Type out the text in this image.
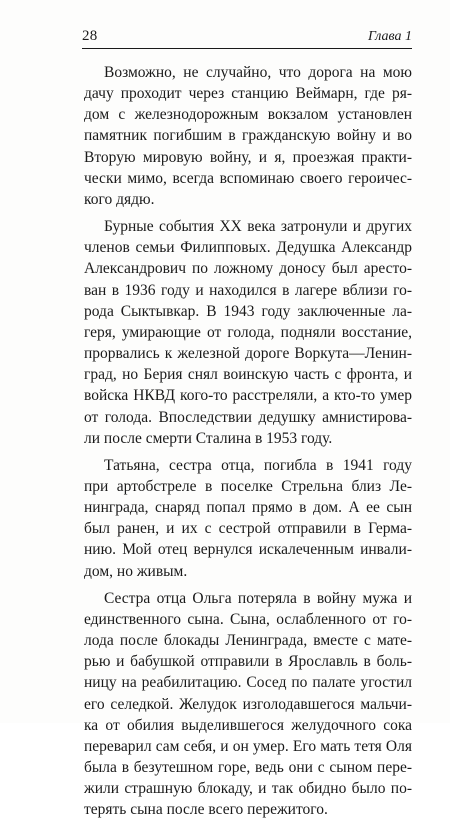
28	Глава 1

Возможно, не случайно, что дорога на мою
дачу проходит через станцию Веймарн, где ря-
дом с железнодорожным вокзалом установлен
памятник погибшим в гражданскую войну и во
Вторую мировую войну, и я, проезжая практи-
чески мимо, всегда вспоминаю своего героичес-
кого дядю.

Бурные события XX века затронули и других
членов семьи Филипповых. Дедушка Александр
Александрович по ложному доносу был аресто-
ван в 1936 году и находился в лагере вблизи го-
рода Сыктывкар. В 1943 году заключенные ла-
геря, умирающие от голода, подняли восстание,
прорвались к железной дороге Воркута—Ленин-
град, но Берия снял воинскую часть с фронта, и
войска НКВД кого-то расстреляли, а кто-то умер
от голода. Впоследствии дедушку амнистирова-
ли после смерти Сталина в 1953 году.

Татьяна, сестра отца, погибла в 1941 году
при артобстреле в поселке Стрельна близ Ле-
нинграда, снаряд попал прямо в дом. А ее сын
был ранен, и их с сестрой отправили в Герма-
нию. Мой отец вернулся искалеченным инвали-
дом, но живым.

Сестра отца Ольга потеряла в войну мужа и
единственного сына. Сына, ослабленного от го-
лода после блокады Ленинграда, вместе с мате-
рью и бабушкой отправили в Ярославль в боль-
ницу на реабилитацию. Сосед по палате угостил
его селедкой. Желудок изголодавшегося мальчи-
ка от обилия выделившегося желудочного сока
переварил сам себя, и он умер. Его мать тетя Оля
была в безутешном горе, ведь они с сыном пере-
жили страшную блокаду, и так обидно было по-
терять сына после всего пережитого.
